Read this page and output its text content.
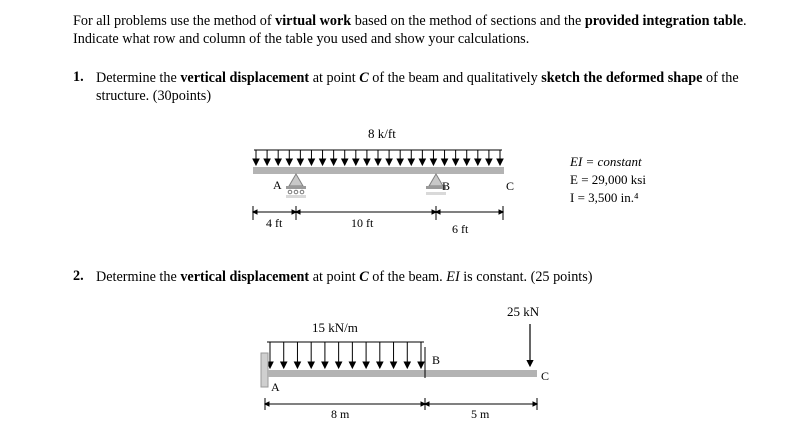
For all problems use the method of virtual work based on the method of sections and the provided integration table. Indicate what row and column of the table you used and show your calculations.
1. Determine the vertical displacement at point C of the beam and qualitatively sketch the deformed shape of the structure. (30points)
2. Determine the vertical displacement at point C of the beam. EI is constant. (25 points)
8 k/ft
A	B	C
4 ft	10 ft	6 ft
EI = constant
E = 29,000 ksi
I = 3,500 in.⁴
15 kN/m
A
B
25 kN
C
8 m	5 m
